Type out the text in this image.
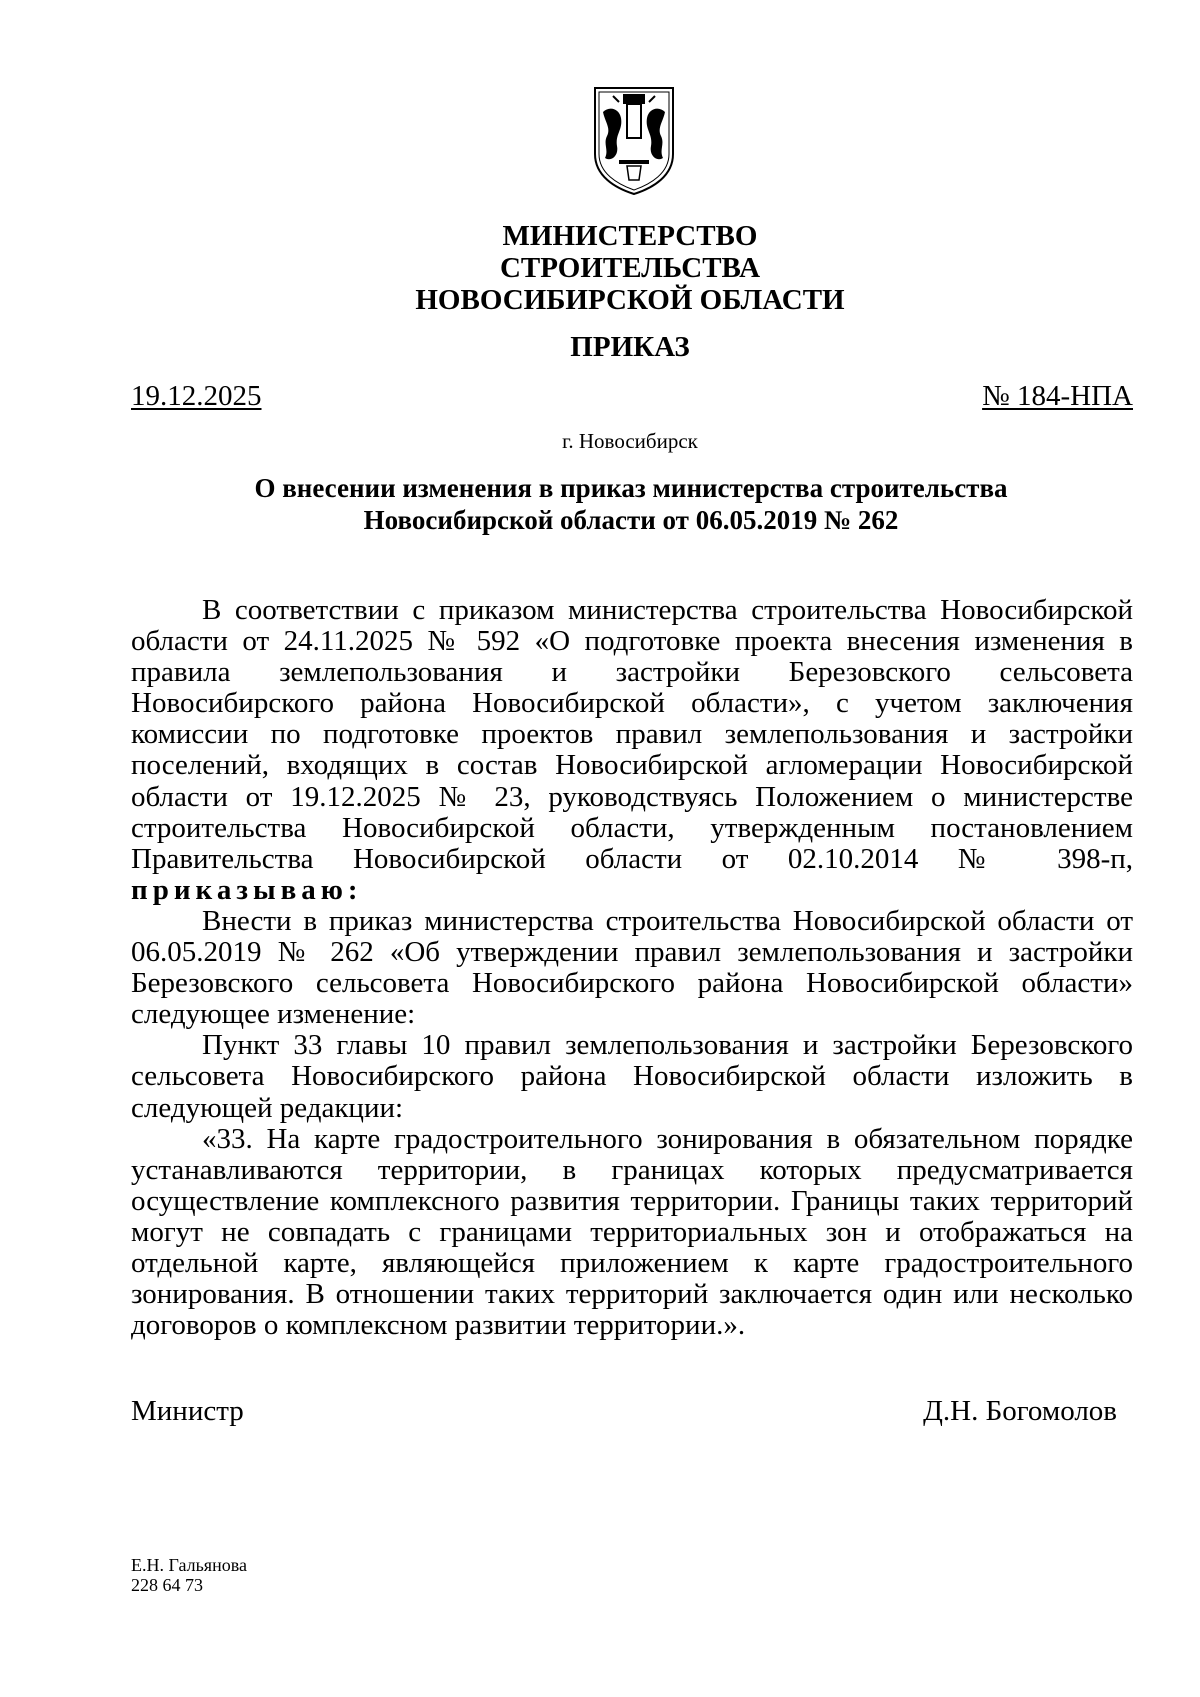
МИНИСТЕРСТВО
СТРОИТЕЛЬСТВА
НОВОСИБИРСКОЙ ОБЛАСТИ
ПРИКАЗ
19.12.2025	№ 184-НПА
г. Новосибирск
О внесении изменения в приказ министерства строительства
Новосибирской области от 06.05.2019 № 262

В соответствии с приказом министерства строительства Новосибирской области от 24.11.2025 № 592 «О подготовке проекта внесения изменения в правила землепользования и застройки Березовского сельсовета Новосибирского района Новосибирской области», с учетом заключения комиссии по подготовке проектов правил землепользования и застройки поселений, входящих в состав Новосибирской агломерации Новосибирской области от 19.12.2025 № 23, руководствуясь Положением о министерстве строительства Новосибирской области, утвержденным постановлением Правительства Новосибирской области от 02.10.2014 № 398-п, приказываю:

Внести в приказ министерства строительства Новосибирской области от 06.05.2019 № 262 «Об утверждении правил землепользования и застройки Березовского сельсовета Новосибирского района Новосибирской области» следующее изменение:

Пункт 33 главы 10 правил землепользования и застройки Березовского сельсовета Новосибирского района Новосибирской области изложить в следующей редакции:

«33. На карте градостроительного зонирования в обязательном порядке устанавливаются территории, в границах которых предусматривается осуществление комплексного развития территории. Границы таких территорий могут не совпадать с границами территориальных зон и отображаться на отдельной карте, являющейся приложением к карте градостроительного зонирования. В отношении таких территорий заключается один или несколько договоров о комплексном развитии территории.».

Министр	Д.Н. Богомолов
Е.Н. Гальянова
228 64 73
